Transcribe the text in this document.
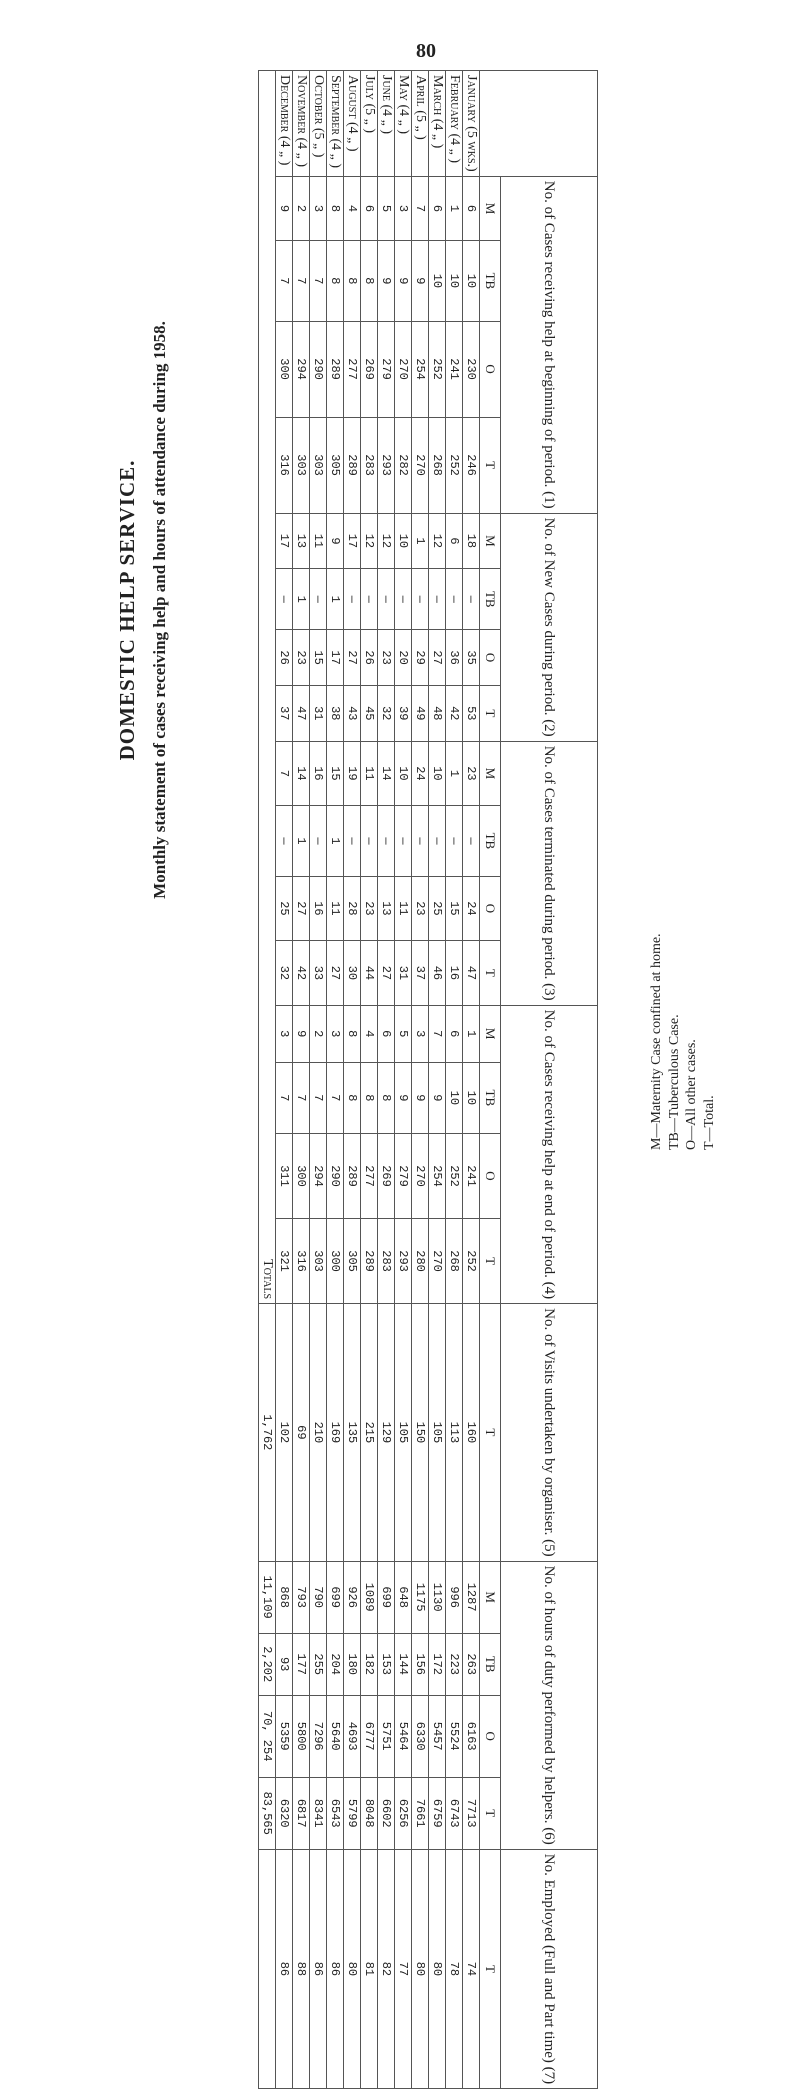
80
DOMESTIC HELP SERVICE. Monthly statement of cases receiving help and hours of attendance during 1958.
		No. of Cases receiving help at beginning of period. (1)				No. of New Cases during period. (2)				No. of Cases terminated during period. (3)				No. of Cases receiving help at end of period. (4)				No. of Visits undertaken by organiser. (5)	No. of hours of duty performed by helpers. (6)				No. Employed (Full and Part time) (7)
	M	TB	O	T	M	TB	O	T	M	TB	O	T	M	TB	O	T	T	M	TB	O	T	T
January (5 wks.)	6	10	230	246	18	—	35	53	23	—	24	47	1	10	241	252	160	1287	263	6163	7713	74
February (4 „ )	1	10	241	252	6	—	36	42	1	—	15	16	6	10	252	268	113	996	223	5524	6743	78
March (4 „ )	6	10	252	268	12	—	27	48	10	—	25	46	7	9	254	270	105	1130	172	5457	6759	80
April (5 „ )	7	9	254	270	1	—	29	49	24	—	23	37	3	9	270	280	150	1175	156	6330	7661	80
May (4 „ )	3	9	270	282	10	—	20	39	10	—	11	31	5	9	279	293	105	648	144	5464	6256	77
June (4 „ )	5	9	279	293	12	—	23	32	14	—	13	27	6	8	269	283	129	699	153	5751	6602	82
July (5 „ )	6	8	269	283	12	—	26	45	11	—	23	44	4	8	277	289	215	1089	182	6777	8048	81
August (4 „ )	4	8	277	289	17	—	27	43	19	—	28	30	8	8	289	305	135	926	180	4693	5799	80
September (4 „ )	8	8	289	305	9	1	17	38	15	1	11	27	3	7	290	300	169	699	204	5640	6543	86
October (5 „ )	3	7	290	303	11	—	15	31	16	—	16	33	2	7	294	303	210	790	255	7296	8341	86
November (4 „ )	2	7	294	303	13	1	23	47	14	1	27	42	9	7	300	316	69	793	177	5800	6817	88
December (4 „ )	9	7	300	316	17	—	26	37	7	—	25	32	3	7	311	321	102	868	93	5359	6320	86
Totals																	1,762	11,109	2,202	70, 254	83,565	
M—Maternity Case confined at home. TB—Tuberculous Case. O—All other cases. T—Total.
